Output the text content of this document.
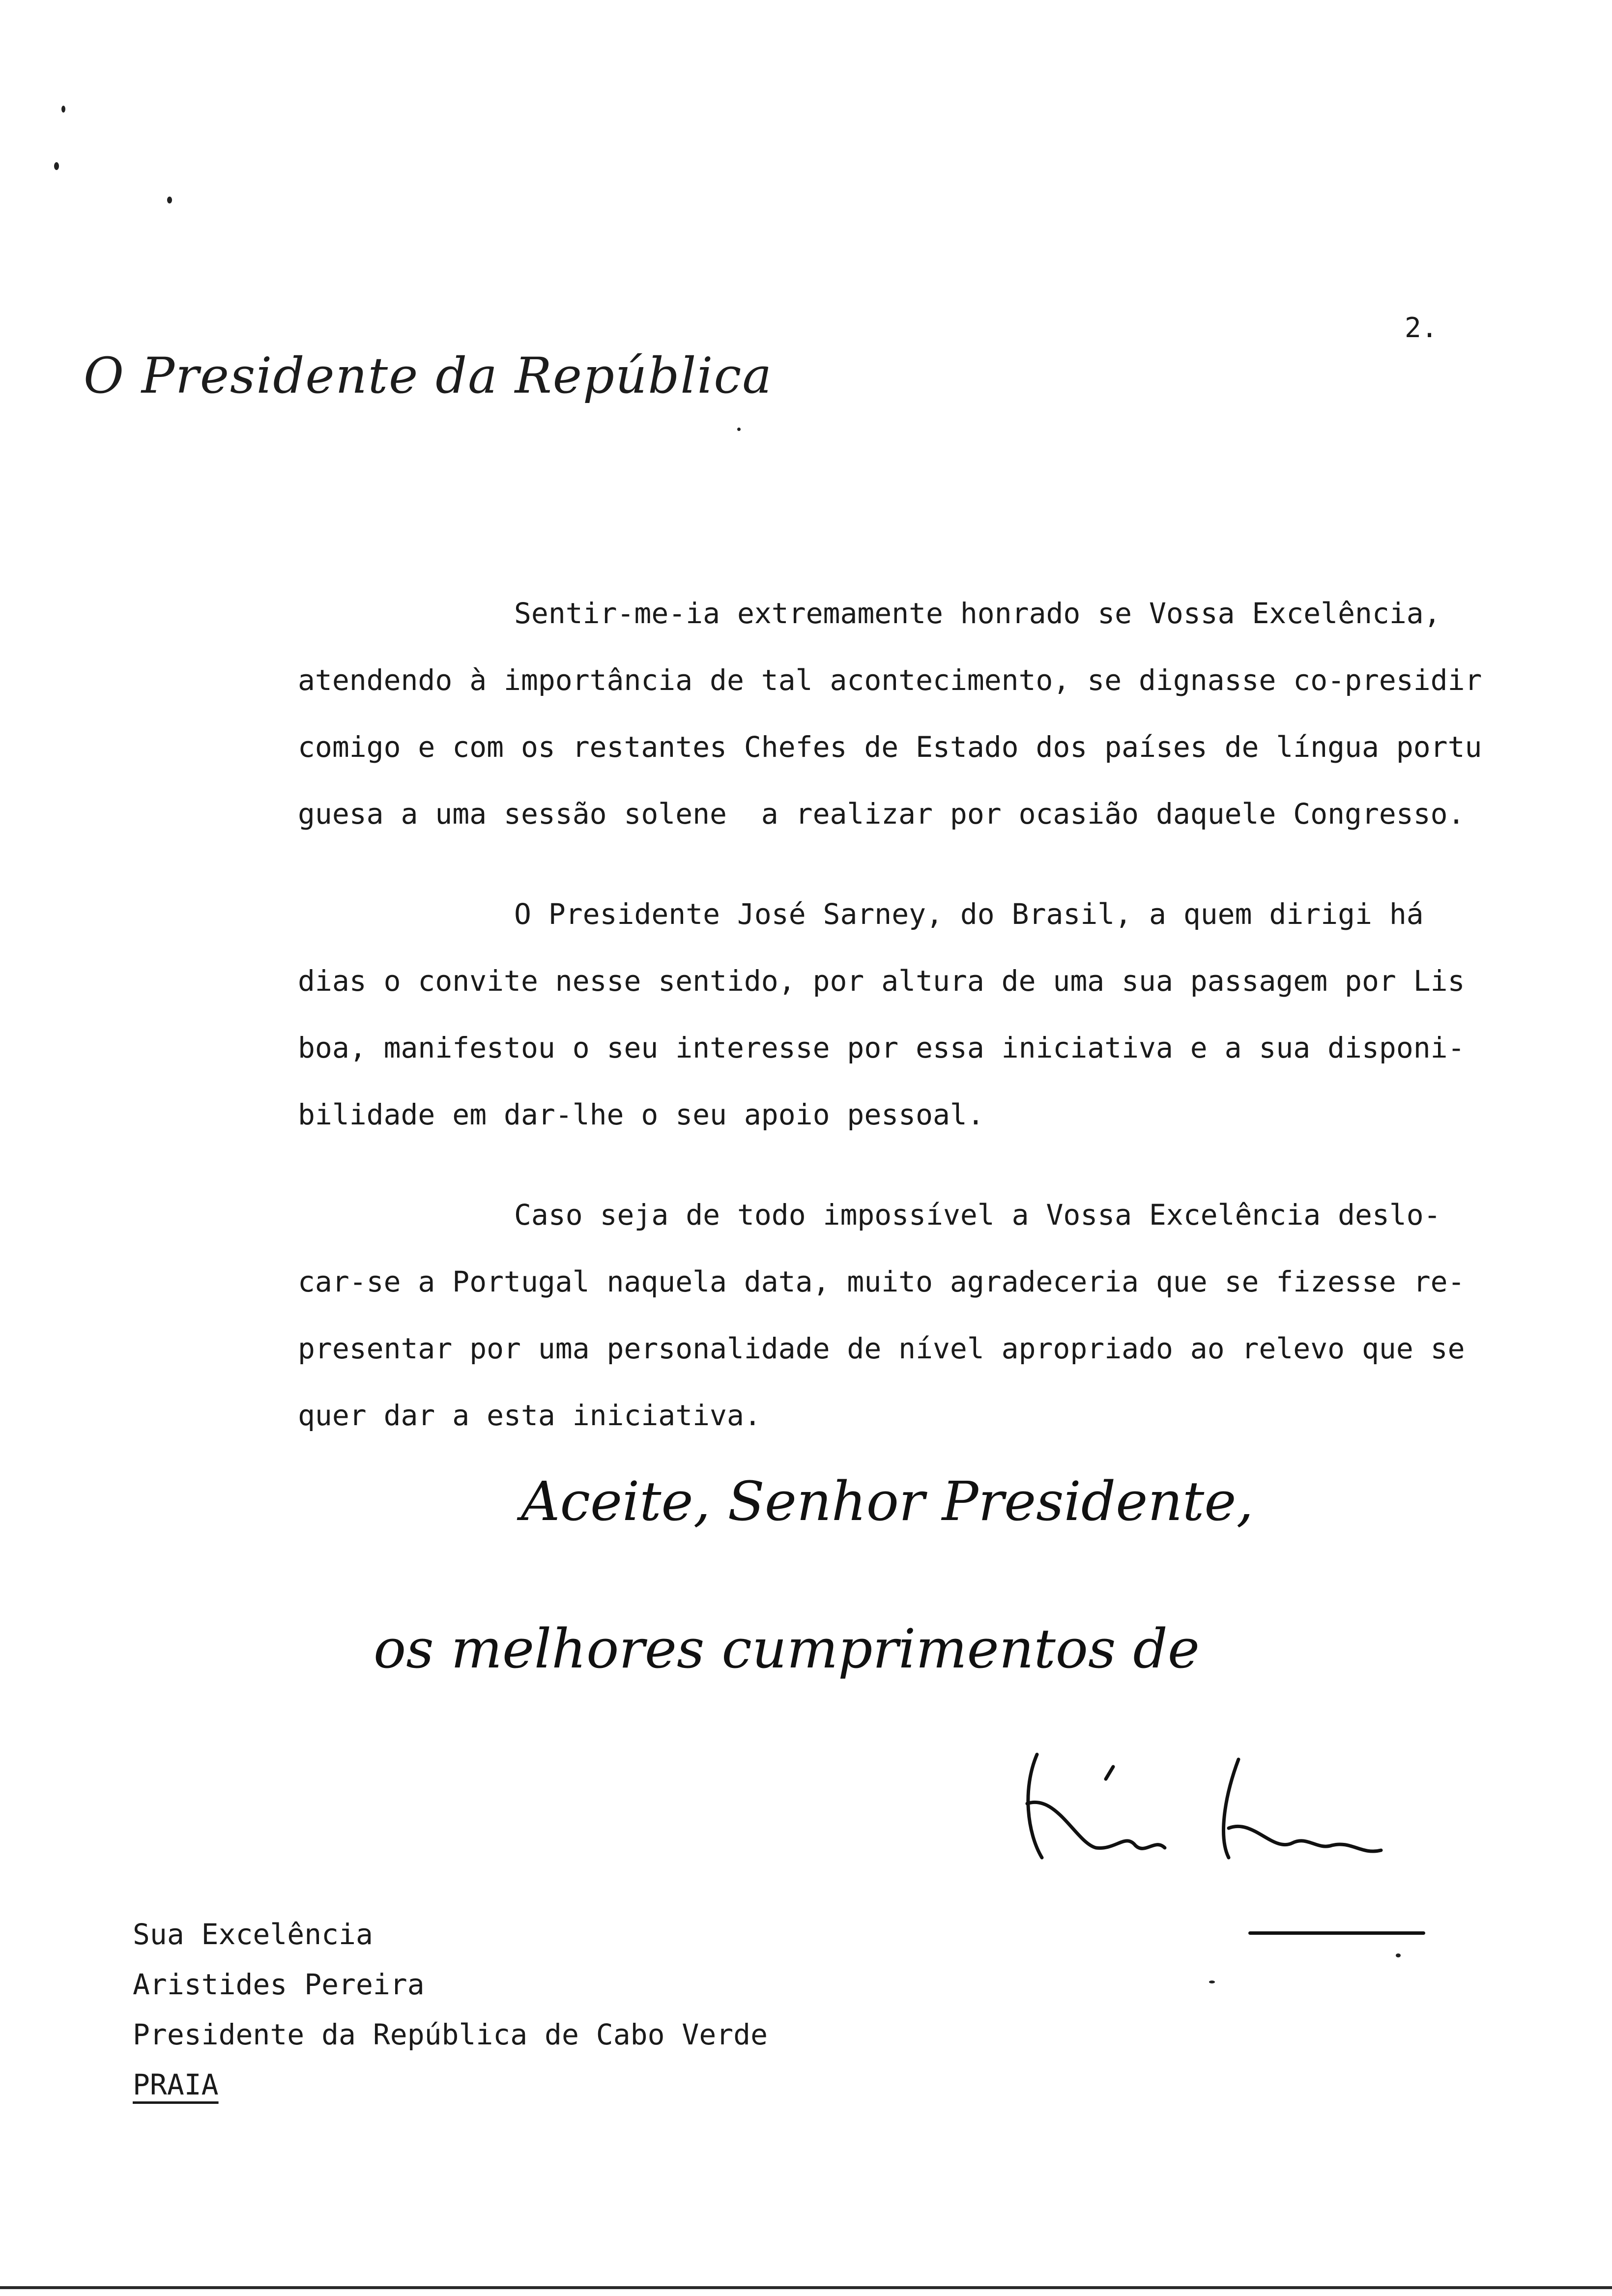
2.
O Presidente da República
Sentir-me-ia extremamente honrado se Vossa Excelência,
atendendo à importância de tal acontecimento, se dignasse co-presidir
comigo e com os restantes Chefes de Estado dos países de língua portu
guesa a uma sessão solene  a realizar por ocasião daquele Congresso.
O Presidente José Sarney, do Brasil, a quem dirigi há
dias o convite nesse sentido, por altura de uma sua passagem por Lis
boa, manifestou o seu interesse por essa iniciativa e a sua disponi-
bilidade em dar-lhe o seu apoio pessoal.
Caso seja de todo impossível a Vossa Excelência deslo-
car-se a Portugal naquela data, muito agradeceria que se fizesse re-
presentar por uma personalidade de nível apropriado ao relevo que se
quer dar a esta iniciativa.
Aceite, Senhor Presidente,
os melhores cumprimentos de
Sua Excelência
Aristides Pereira
Presidente da República de Cabo Verde
PRAIA
